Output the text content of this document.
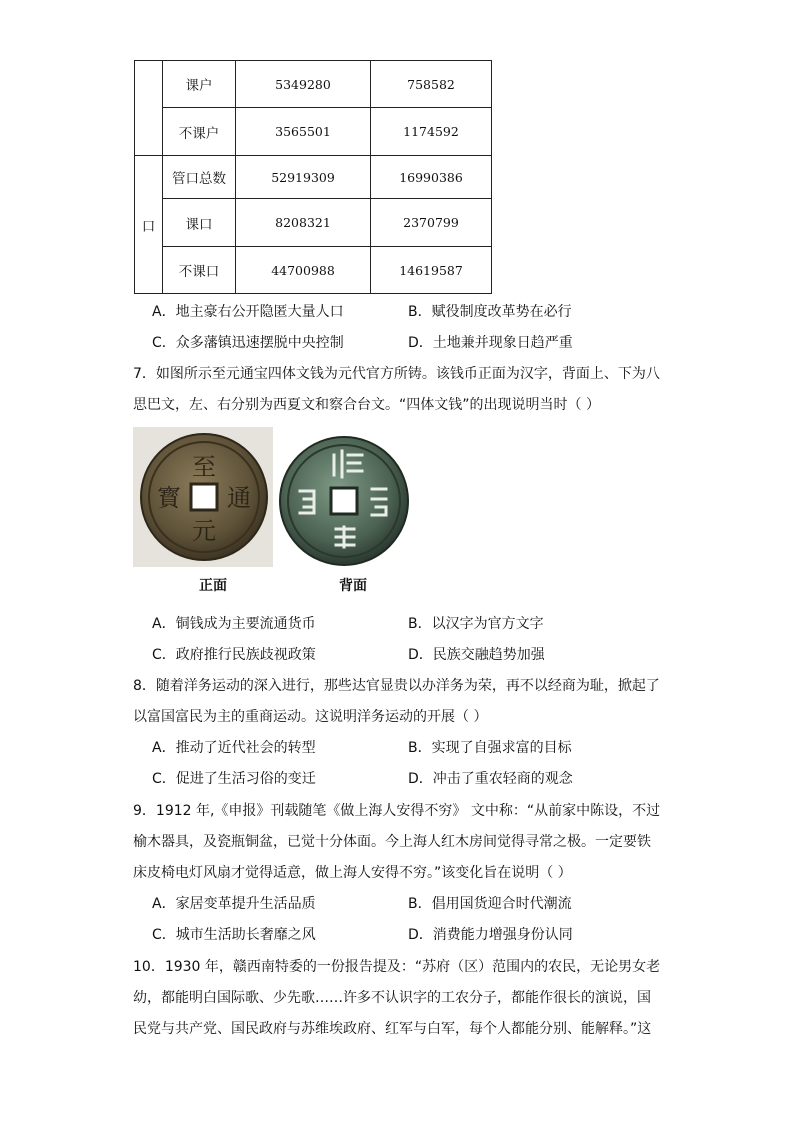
	课户	5349280	758582
	不课户	3565501	1174592
口	管口总数	52919309	16990386
	课口	8208321	2370799
	不课口	44700988	14619587
A．地主豪右公开隐匿大量人口	B．赋役制度改革势在必行
C．众多藩镇迅速摆脱中央控制	D．土地兼并现象日趋严重
7．如图所示至元通宝四体文钱为元代官方所铸。该钱币正面为汉字，背面上、下为八
思巴文，左、右分别为西夏文和察合台文。“四体文钱”的出现说明当时（ ）
至
通
元
寳
正面	背面
A．铜钱成为主要流通货币	B．以汉字为官方文字
C．政府推行民族歧视政策	D．民族交融趋势加强
8．随着洋务运动的深入进行，那些达官显贵以办洋务为荣，再不以经商为耻，掀起了
以富国富民为主的重商运动。这说明洋务运动的开展（ ）
A．推动了近代社会的转型	B．实现了自强求富的目标
C．促进了生活习俗的变迁	D．冲击了重农轻商的观念
9．1912 年,《申报》刊载随笔《做上海人安得不穷》 文中称：“从前家中陈设，不过
榆木器具，及瓷瓶铜盆，已觉十分体面。今上海人红木房间觉得寻常之极。一定要铁
床皮椅电灯风扇才觉得适意，做上海人安得不穷。”该变化旨在说明（ ）
A．家居变革提升生活品质	B．倡用国货迎合时代潮流
C．城市生活助长奢靡之风	D．消费能力增强身份认同
10．1930 年，赣西南特委的一份报告提及：“苏府（区）范围内的农民，无论男女老
幼，都能明白国际歌、少先歌……许多不认识字的工农分子，都能作很长的演说，国
民党与共产党、国民政府与苏维埃政府、红军与白军，每个人都能分别、能解释。”这
